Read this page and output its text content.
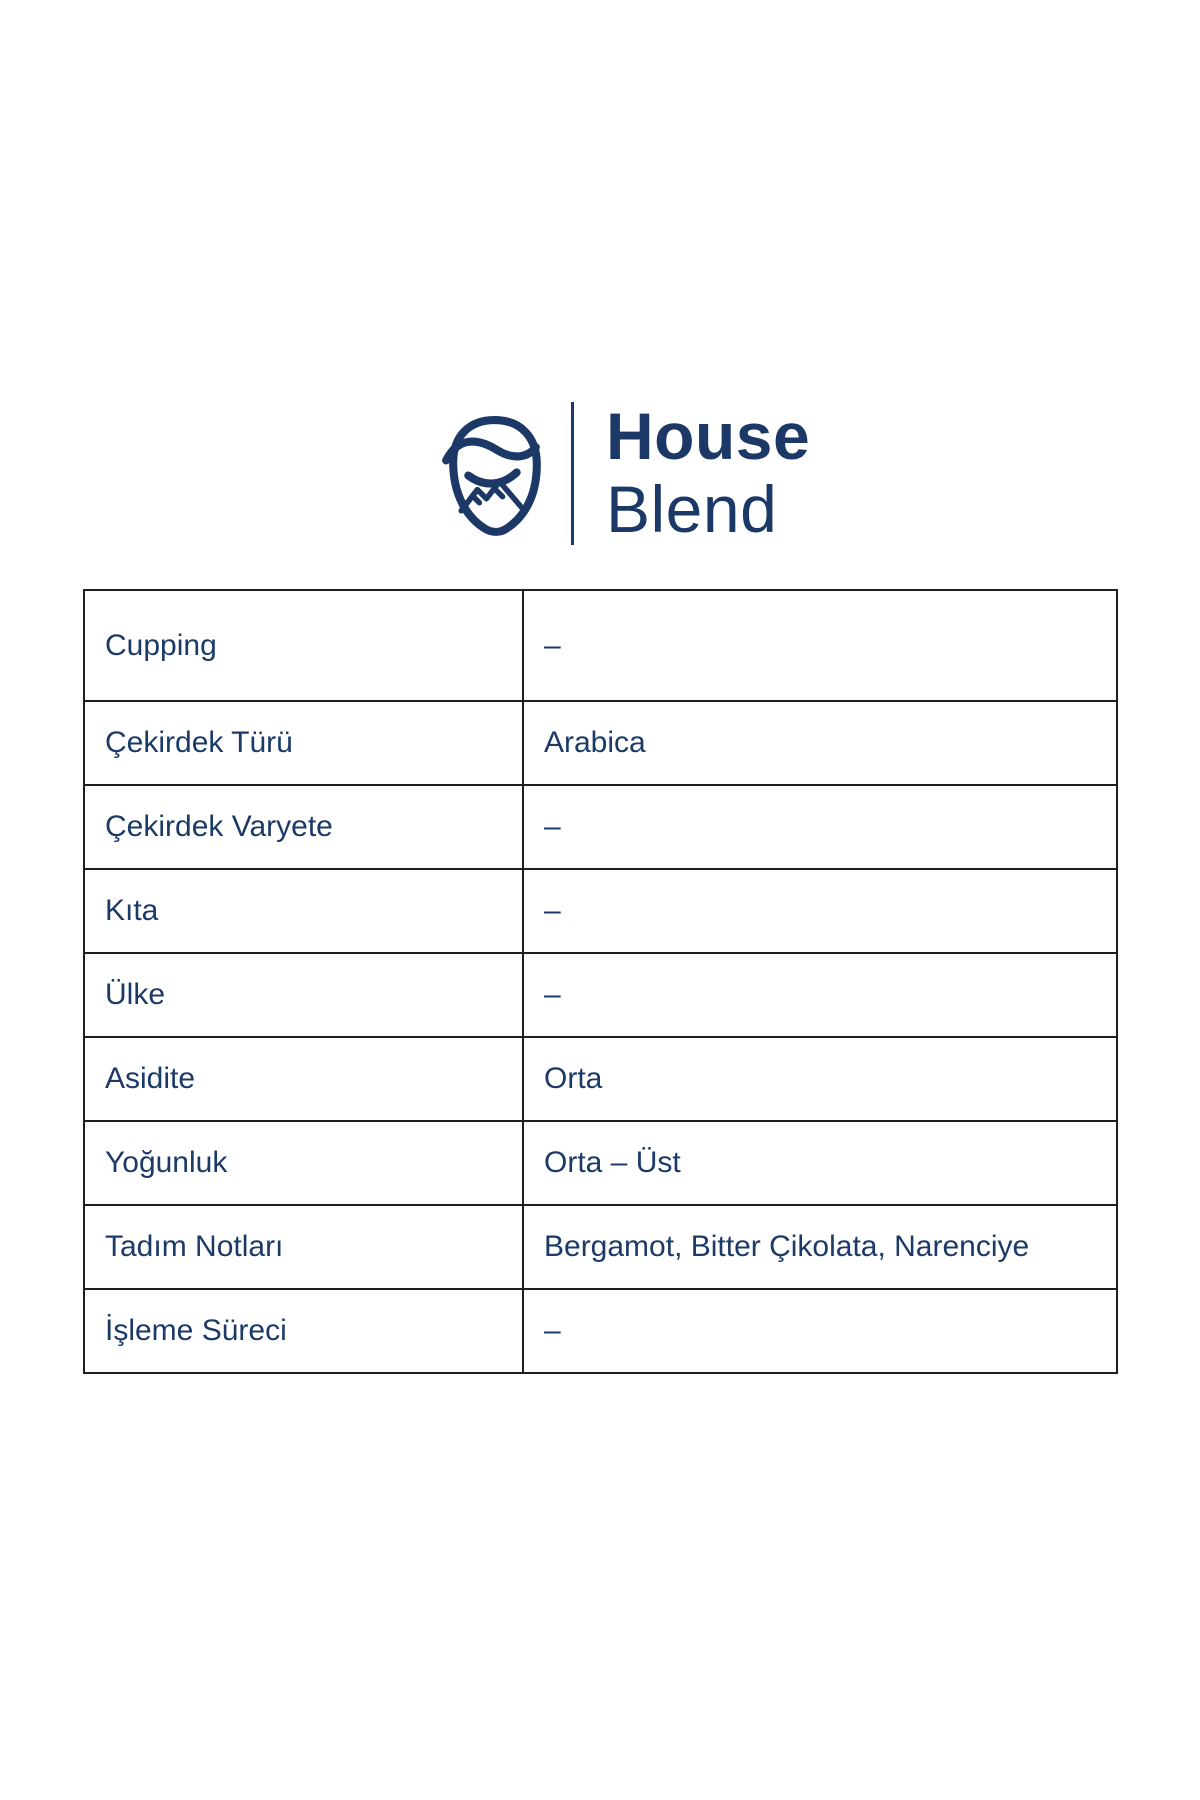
House
Blend
Cupping	–
Çekirdek Türü	Arabica
Çekirdek Varyete	–
Kıta	–
Ülke	–
Asidite	Orta
Yoğunluk	Orta – Üst
Tadım Notları	Bergamot, Bitter Çikolata, Narenciye
İşleme Süreci	–
